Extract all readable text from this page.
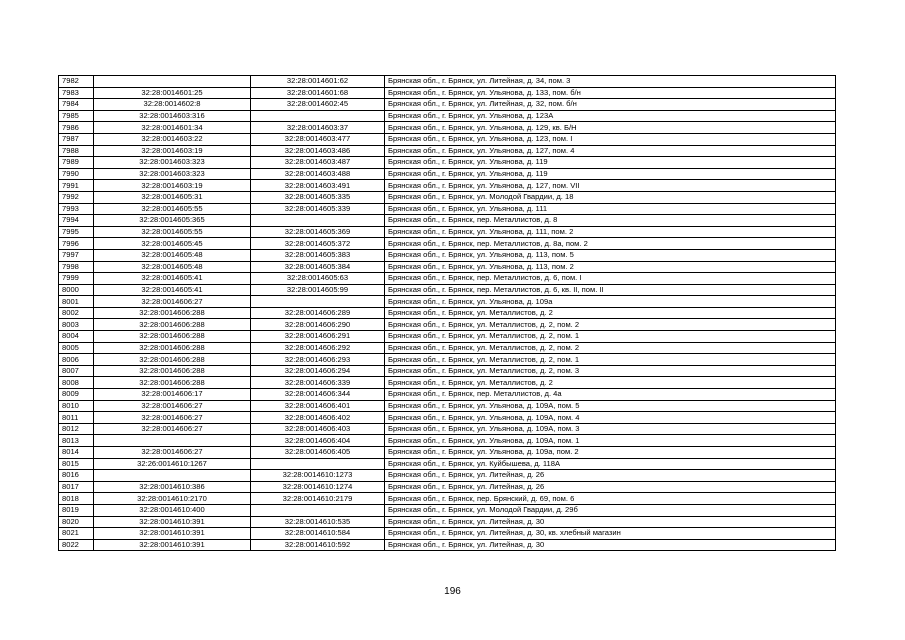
7982		32:28:0014601:62	Брянская обл., г. Брянск, ул. Литейная, д. 34, пом. 3
7983	32:28:0014601:25	32:28:0014601:68	Брянская обл., г. Брянск, ул. Ульянова, д. 133, пом. б/н
7984	32:28:0014602:8	32:28:0014602:45	Брянская обл., г. Брянск, ул. Литейная, д. 32, пом. б/н
7985	32:28:0014603:316		Брянская обл., г. Брянск, ул. Ульянова, д. 123А
7986	32:28:0014601:34	32:28:0014603:37	Брянская обл., г. Брянск, ул. Ульянова, д. 129, кв. Б/Н
7987	32:28:0014603:22	32:28:0014603:477	Брянская обл., г. Брянск, ул. Ульянова, д. 123, пом. I
7988	32:28:0014603:19	32:28:0014603:486	Брянская обл., г. Брянск, ул. Ульянова, д. 127, пом. 4
7989	32:28:0014603:323	32:28:0014603:487	Брянская обл., г. Брянск, ул. Ульянова, д. 119
7990	32:28:0014603:323	32:28:0014603:488	Брянская обл., г. Брянск, ул. Ульянова, д. 119
7991	32:28:0014603:19	32:28:0014603:491	Брянская обл., г. Брянск, ул. Ульянова, д. 127, пом. VII
7992	32:28:0014605:31	32:28:0014605:335	Брянская обл., г. Брянск, ул. Молодой Гвардии, д. 18
7993	32:28:0014605:55	32:28:0014605:339	Брянская обл., г. Брянск, ул. Ульянова, д. 111
7994	32:28:0014605:365		Брянская обл., г. Брянск, пер. Металлистов, д. 8
7995	32:28:0014605:55	32:28:0014605:369	Брянская обл., г. Брянск, ул. Ульянова, д. 111, пом. 2
7996	32:28:0014605:45	32:28:0014605:372	Брянская обл., г. Брянск, пер. Металлистов, д. 8а, пом. 2
7997	32:28:0014605:48	32:28:0014605:383	Брянская обл., г. Брянск, ул. Ульянова, д. 113, пом. 5
7998	32:28:0014605:48	32:28:0014605:384	Брянская обл., г. Брянск, ул. Ульянова, д. 113, пом. 2
7999	32:28:0014605:41	32:28:0014605:63	Брянская обл., г. Брянск, пер. Металлистов, д. 6, пом. I
8000	32:28:0014605:41	32:28:0014605:99	Брянская обл., г. Брянск, пер. Металлистов, д. 6, кв. II, пом. II
8001	32:28:0014606:27		Брянская обл., г. Брянск, ул. Ульянова, д. 109а
8002	32:28:0014606:288	32:28:0014606:289	Брянская обл., г. Брянск, ул. Металлистов, д. 2
8003	32:28:0014606:288	32:28:0014606:290	Брянская обл., г. Брянск, ул. Металлистов, д. 2, пом. 2
8004	32:28:0014606:288	32:28:0014606:291	Брянская обл., г. Брянск, ул. Металлистов, д. 2, пом. 1
8005	32:28:0014606:288	32:28:0014606:292	Брянская обл., г. Брянск, ул. Металлистов, д. 2, пом. 2
8006	32:28:0014606:288	32:28:0014606:293	Брянская обл., г. Брянск, ул. Металлистов, д. 2, пом. 1
8007	32:28:0014606:288	32:28:0014606:294	Брянская обл., г. Брянск, ул. Металлистов, д. 2, пом. 3
8008	32:28:0014606:288	32:28:0014606:339	Брянская обл., г. Брянск, ул. Металлистов, д. 2
8009	32:28:0014606:17	32:28:0014606:344	Брянская обл., г. Брянск, пер. Металлистов, д. 4а
8010	32:28:0014606:27	32:28:0014606:401	Брянская обл., г. Брянск, ул. Ульянова, д. 109А, пом. 5
8011	32:28:0014606:27	32:28:0014606:402	Брянская обл., г. Брянск, ул. Ульянова, д. 109А, пом. 4
8012	32:28:0014606:27	32:28:0014606:403	Брянская обл., г. Брянск, ул. Ульянова, д. 109А, пом. 3
8013		32:28:0014606:404	Брянская обл., г. Брянск, ул. Ульянова, д. 109А, пом. 1
8014	32:28:0014606:27	32:28:0014606:405	Брянская обл., г. Брянск, ул. Ульянова, д. 109а, пом. 2
8015	32:26:0014610:1267		Брянская обл., г. Брянск, ул. Куйбышева, д. 118А
8016		32:28:0014610:1273	Брянская обл., г. Брянск, ул. Литейная, д. 26
8017	32:28:0014610:386	32:28:0014610:1274	Брянская обл., г. Брянск, ул. Литейная, д. 26
8018	32:28:0014610:2170	32:28:0014610:2179	Брянская обл., г. Брянск, пер. Брянский, д. 69, пом. 6
8019	32:28:0014610:400		Брянская обл., г. Брянск, ул. Молодой Гвардии, д. 29б
8020	32:28:0014610:391	32:28:0014610:535	Брянская обл., г. Брянск, ул. Литейная, д. 30
8021	32:28:0014610:391	32:28:0014610:584	Брянская обл., г. Брянск, ул. Литейная, д. 30, кв. хлебный магазин
8022	32:28:0014610:391	32:28:0014610:592	Брянская обл., г. Брянск, ул. Литейная, д. 30
196
